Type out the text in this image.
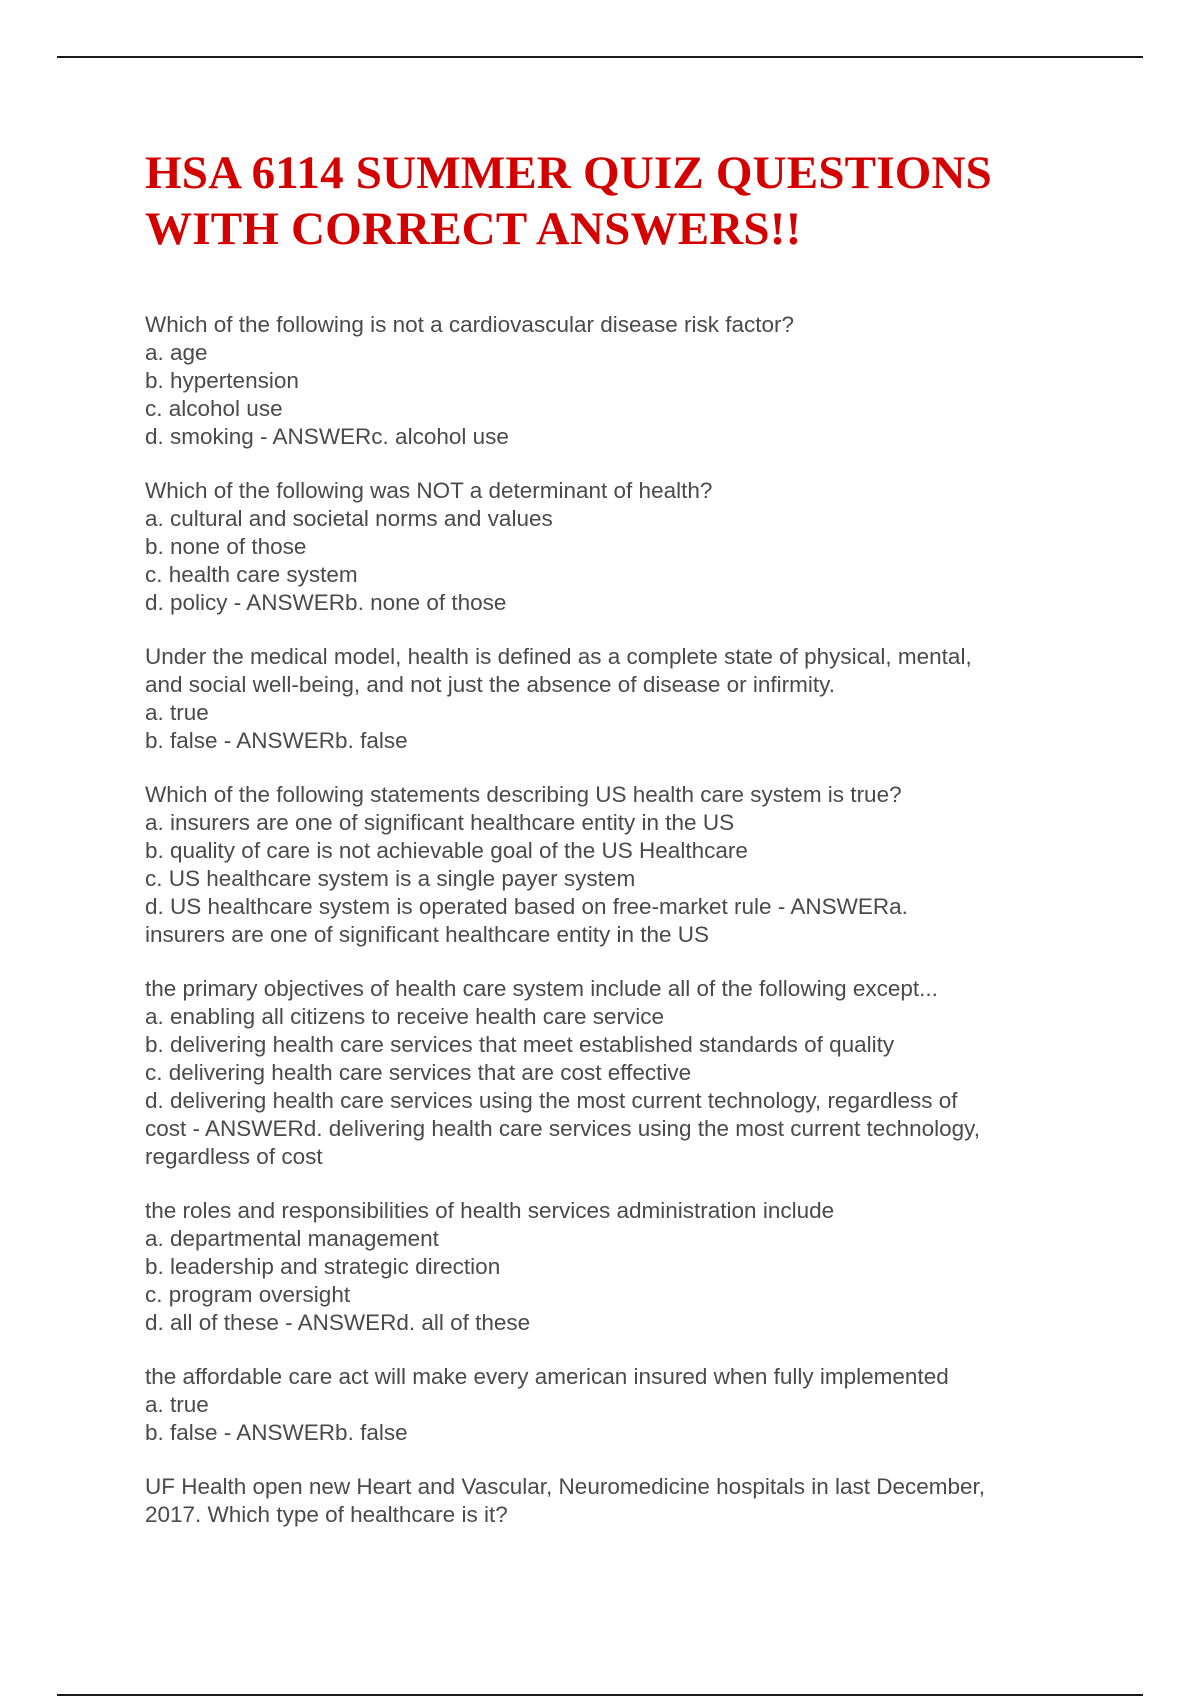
HSA 6114 SUMMER QUIZ QUESTIONS
WITH CORRECT ANSWERS!!
Which of the following is not a cardiovascular disease risk factor?
a. age
b. hypertension
c. alcohol use
d. smoking - ANSWERc. alcohol use
Which of the following was NOT a determinant of health?
a. cultural and societal norms and values
b. none of those
c. health care system
d. policy - ANSWERb. none of those
Under the medical model, health is defined as a complete state of physical, mental,
and social well-being, and not just the absence of disease or infirmity.
a. true
b. false - ANSWERb. false
Which of the following statements describing US health care system is true?
a. insurers are one of significant healthcare entity in the US
b. quality of care is not achievable goal of the US Healthcare
c. US healthcare system is a single payer system
d. US healthcare system is operated based on free-market rule - ANSWERa.
insurers are one of significant healthcare entity in the US
the primary objectives of health care system include all of the following except...
a. enabling all citizens to receive health care service
b. delivering health care services that meet established standards of quality
c. delivering health care services that are cost effective
d. delivering health care services using the most current technology, regardless of
cost - ANSWERd. delivering health care services using the most current technology,
regardless of cost
the roles and responsibilities of health services administration include
a. departmental management
b. leadership and strategic direction
c. program oversight
d. all of these - ANSWERd. all of these
the affordable care act will make every american insured when fully implemented
a. true
b. false - ANSWERb. false
UF Health open new Heart and Vascular, Neuromedicine hospitals in last December,
2017. Which type of healthcare is it?
